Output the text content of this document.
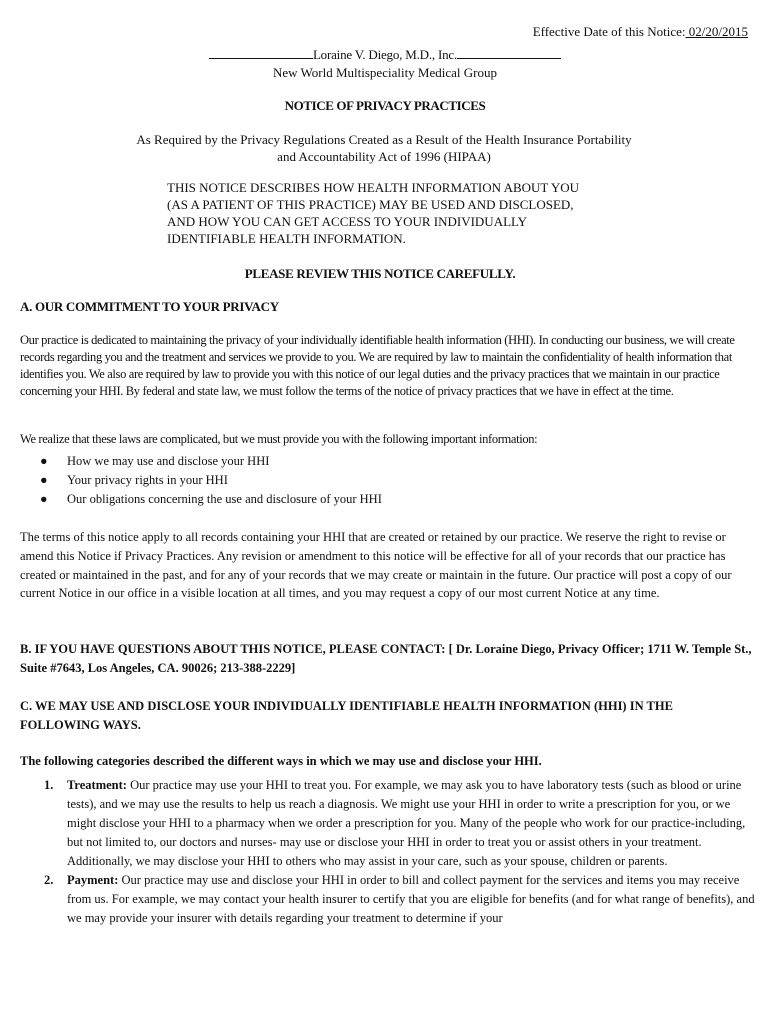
Effective Date of this Notice: 02/20/2015
Loraine V. Diego, M.D., Inc.
New World Multispeciality Medical Group
NOTICE OF PRIVACY PRACTICES
As Required by the Privacy Regulations Created as a Result of the Health Insurance Portability
and Accountability Act of 1996 (HIPAA)
THIS NOTICE DESCRIBES HOW HEALTH INFORMATION ABOUT YOU
(AS A PATIENT OF THIS PRACTICE) MAY BE USED AND DISCLOSED,
AND HOW YOU CAN GET ACCESS TO YOUR INDIVIDUALLY
IDENTIFIABLE HEALTH INFORMATION.
PLEASE REVIEW THIS NOTICE CAREFULLY.
A. OUR COMMITMENT TO YOUR PRIVACY
Our practice is dedicated to maintaining the privacy of your individually identifiable health information (HHI). In conducting our business, we will create records regarding you and the treatment and services we provide to you. We are required by law to maintain the confidentiality of health information that identifies you. We also are required by law to provide you with this notice of our legal duties and the privacy practices that we maintain in our practice concerning your HHI. By federal and state law, we must follow the terms of the notice of privacy practices that we have in effect at the time.
We realize that these laws are complicated, but we must provide you with the following important information:
● How we may use and disclose your HHI
● Your privacy rights in your HHI
● Our obligations concerning the use and disclosure of your HHI
The terms of this notice apply to all records containing your HHI that are created or retained by our practice. We reserve the right to revise or amend this Notice if Privacy Practices. Any revision or amendment to this notice will be effective for all of your records that our practice has created or maintained in the past, and for any of your records that we may create or maintain in the future. Our practice will post a copy of our current Notice in our office in a visible location at all times, and you may request a copy of our most current Notice at any time.
B. IF YOU HAVE QUESTIONS ABOUT THIS NOTICE, PLEASE CONTACT: [ Dr. Loraine Diego, Privacy Officer; 1711 W. Temple St., Suite #7643, Los Angeles, CA. 90026; 213-388-2229]
C. WE MAY USE AND DISCLOSE YOUR INDIVIDUALLY IDENTIFIABLE HEALTH INFORMATION (HHI) IN THE FOLLOWING WAYS.
The following categories described the different ways in which we may use and disclose your HHI.
1. Treatment: Our practice may use your HHI to treat you. For example, we may ask you to have laboratory tests (such as blood or urine tests), and we may use the results to help us reach a diagnosis. We might use your HHI in order to write a prescription for you, or we might disclose your HHI to a pharmacy when we order a prescription for you. Many of the people who work for our practice-including, but not limited to, our doctors and nurses- may use or disclose your HHI in order to treat you or assist others in your treatment. Additionally, we may disclose your HHI to others who may assist in your care, such as your spouse, children or parents.
2. Payment: Our practice may use and disclose your HHI in order to bill and collect payment for the services and items you may receive from us. For example, we may contact your health insurer to certify that you are eligible for benefits (and for what range of benefits), and we may provide your insurer with details regarding your treatment to determine if your
